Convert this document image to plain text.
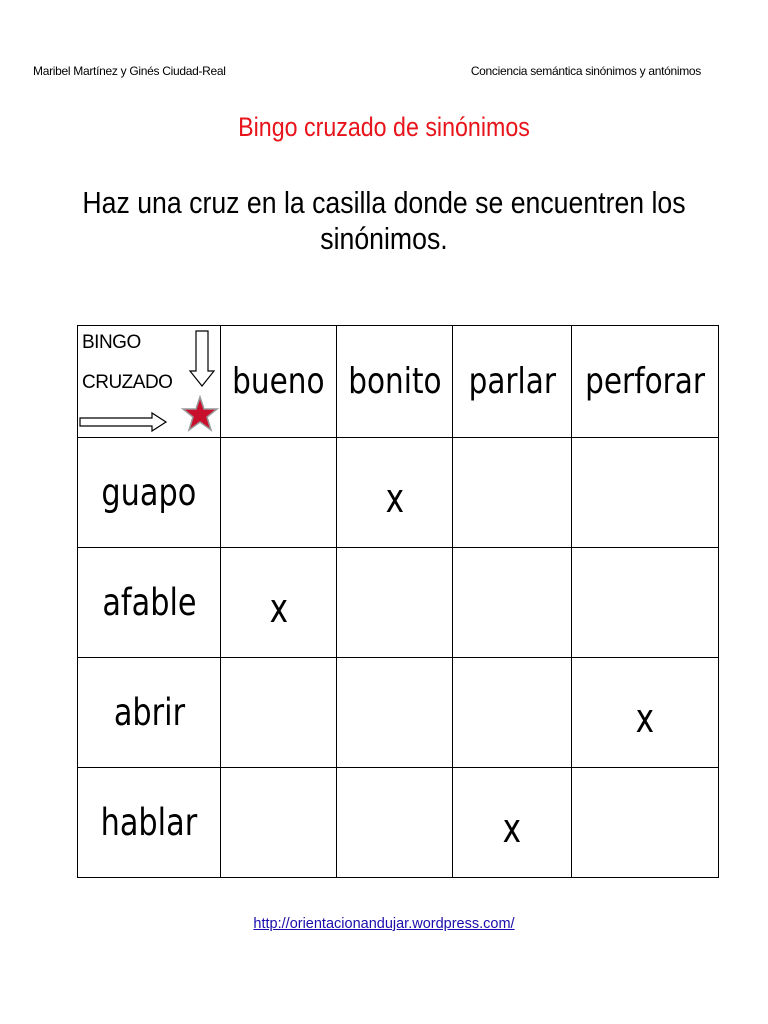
Maribel Martínez y Ginés Ciudad-Real	Conciencia semántica sinónimos y antónimos
Bingo cruzado de sinónimos
Haz una cruz en la casilla donde se encuentren los sinónimos.
BINGO
CRUZADO	bueno	bonito	parlar	perforar
guapo		x		
afable	x			
abrir				x
hablar			x	
http://orientacionandujar.wordpress.com/
